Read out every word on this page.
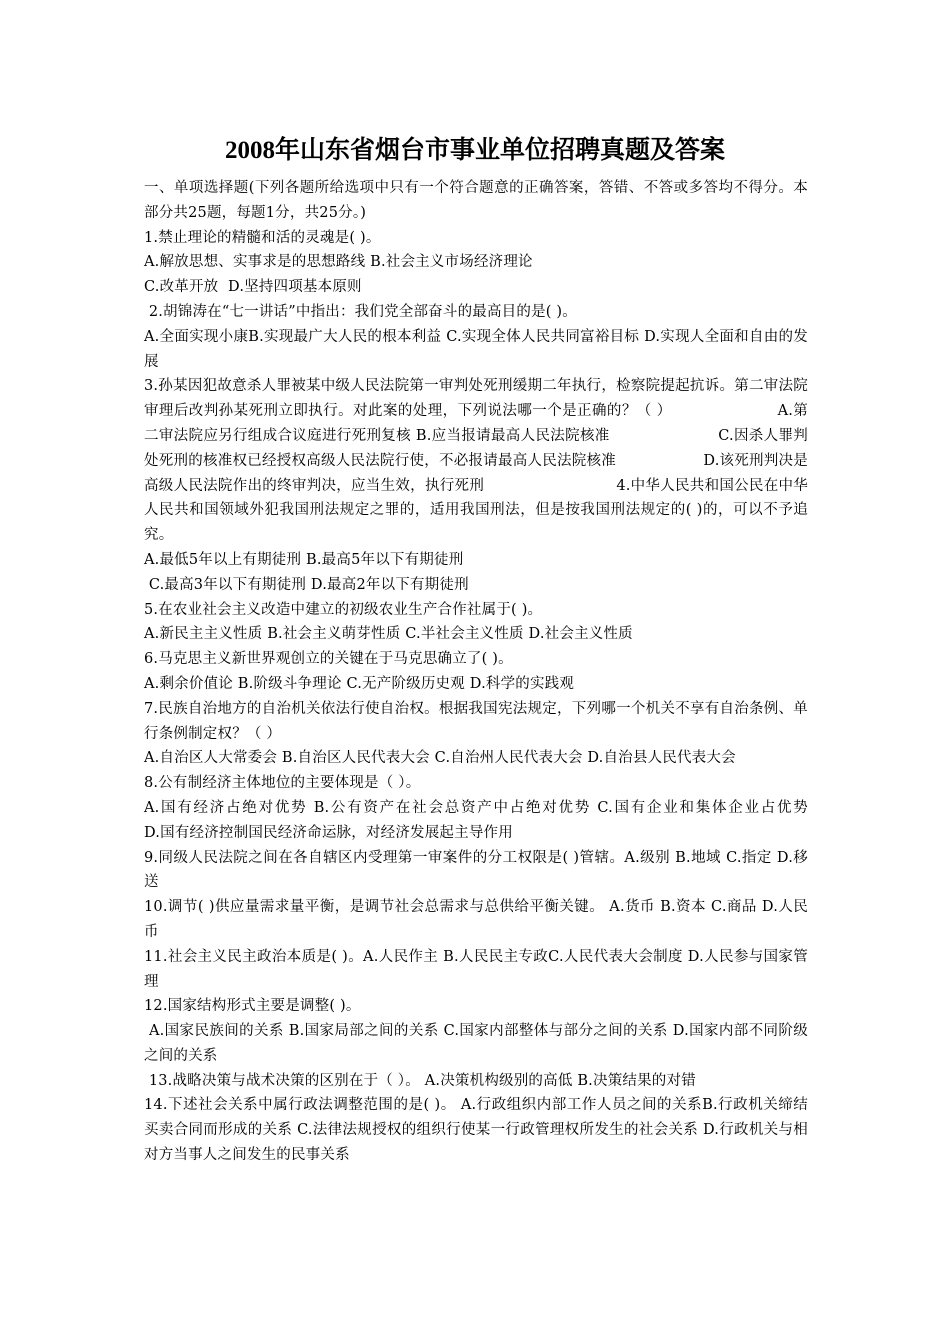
2008年山东省烟台市事业单位招聘真题及答案

一、单项选择题(下列各题所给选项中只有一个符合题意的正确答案，答错、不答或多答均不得分。本部分共25题，每题1分，共25分。)

1.禁止理论的精髓和活的灵魂是( )。

A.解放思想、实事求是的思想路线 B.社会主义市场经济理论

C.改革开放  D.坚持四项基本原则

2.胡锦涛在“七一讲话”中指出：我们党全部奋斗的最高目的是( )。

A.全面实现小康B.实现最广大人民的根本利益 C.实现全体人民共同富裕目标 D.实现人全面和自由的发展

3.孙某因犯故意杀人罪被某中级人民法院第一审判处死刑缓期二年执行，检察院提起抗诉。第二审法院审理后改判孙某死刑立即执行。对此案的处理，下列说法哪一个是正确的？（ ）                     A.第二审法院应另行组成合议庭进行死刑复核 B.应当报请最高人民法院核准                      C.因杀人罪判处死刑的核准权已经授权高级人民法院行使，不必报请最高人民法院核准                  D.该死刑判决是高级人民法院作出的终审判决，应当生效，执行死刑                           4.中华人民共和国公民在中华人民共和国领域外犯我国刑法规定之罪的，适用我国刑法，但是按我国刑法规定的( )的，可以不予追究。

A.最低5年以上有期徒刑 B.最高5年以下有期徒刑

C.最高3年以下有期徒刑 D.最高2年以下有期徒刑

5.在农业社会主义改造中建立的初级农业生产合作社属于( )。

A.新民主主义性质 B.社会主义萌芽性质 C.半社会主义性质 D.社会主义性质

6.马克思主义新世界观创立的关键在于马克思确立了( )。

A.剩余价值论 B.阶级斗争理论 C.无产阶级历史观 D.科学的实践观

7.民族自治地方的自治机关依法行使自治权。根据我国宪法规定，下列哪一个机关不享有自治条例、单行条例制定权？（ ）

A.自治区人大常委会 B.自治区人民代表大会 C.自治州人民代表大会 D.自治县人民代表大会

8.公有制经济主体地位的主要体现是（ ）。

A.国有经济占绝对优势 B.公有资产在社会总资产中占绝对优势 C.国有企业和集体企业占优势             D.国有经济控制国民经济命运脉，对经济发展起主导作用

9.同级人民法院之间在各自辖区内受理第一审案件的分工权限是( )管辖。A.级别 B.地域 C.指定 D.移送

10.调节( )供应量需求量平衡，是调节社会总需求与总供给平衡关键。 A.货币 B.资本 C.商品 D.人民币

11.社会主义民主政治本质是( )。A.人民作主 B.人民民主专政C.人民代表大会制度 D.人民参与国家管理

12.国家结构形式主要是调整( )。

A.国家民族间的关系 B.国家局部之间的关系 C.国家内部整体与部分之间的关系 D.国家内部不同阶级之间的关系

13.战略决策与战术决策的区别在于（ ）。 A.决策机构级别的高低 B.决策结果的对错

14.下述社会关系中属行政法调整范围的是( )。 A.行政组织内部工作人员之间的关系B.行政机关缔结买卖合同而形成的关系 C.法律法规授权的组织行使某一行政管理权所发生的社会关系 D.行政机关与相对方当事人之间发生的民事关系
